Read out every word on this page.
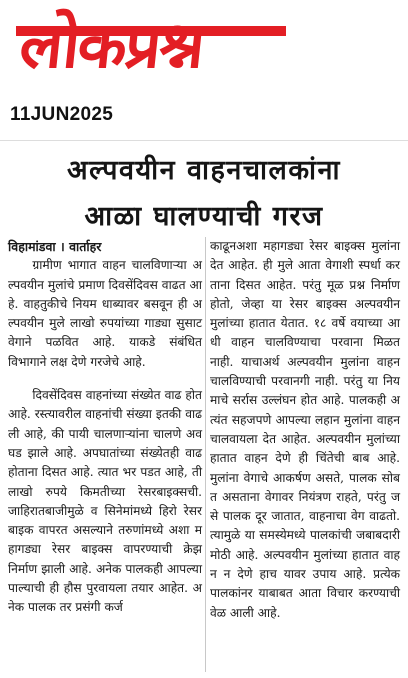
लोकप्रश्न
11JUN2025
अल्पवयीन वाहनचालकांना
आळा घालण्याची गरज
विहामांडवा । वार्ताहर

ग्रामीण भागात वाहन चालविणाऱ्या अल्पवयीन मुलांचे प्रमाण दिवसेंदिवस वाढत आहे. वाहतुकीचे नियम धाब्यावर बसवून ही अल्पवयीन मुले लाखो रुपयांच्या गाड्या सुसाट वेगाने पळवित आहे. याकडे संबंधित विभागाने लक्ष देणे गरजेचे आहे.

दिवसेंदिवस वाहनांच्या संख्येत वाढ होत आहे. रस्त्यावरील वाहनांची संख्या इतकी वाढली आहे, की पायी चालणाऱ्यांना चालणे अवघड झाले आहे. अपघातांच्या संख्येतही वाढ होताना दिसत आहे. त्यात भर पडत आहे, ती लाखो रुपये किमतीच्या रेसरबाइक्सची. जाहिरातबाजीमुळे व सिनेमांमध्ये हिरो रेसर बाइक वापरत असल्याने तरुणांमध्ये अशा महागड्या रेसर बाइक्स वापरण्याची क्रेझ निर्माण झाली आहे. अनेक पालकही आपल्या पाल्याची ही हौस पुरवायला तयार आहेत. अनेक पालक तर प्रसंगी कर्ज

काढूनअशा महागड्या रेसर बाइक्स मुलांना देत आहेत. ही मुले आता वेगाशी स्पर्धा करताना दिसत आहेत. परंतु मूळ प्रश्न निर्माण होतो, जेव्हा या रेसर बाइक्स अल्पवयीन मुलांच्या हातात येतात. १८ वर्षे वयाच्या आधी वाहन चालविण्याचा परवाना मिळत नाही. याचाअर्थ अल्पवयीन मुलांना वाहन चालविण्याची परवानगी नाही. परंतु या नियमाचे सर्रास उल्लंघन होत आहे. पालकही अत्यंत सहजपणे आपल्या लहान मुलांना वाहन चालवायला देत आहेत. अल्पवयीन मुलांच्या हातात वाहन देणे ही चिंतेची बाब आहे. मुलांना वेगाचे आकर्षण असते, पालक सोबत असताना वेगावर नियंत्रण राहते, परंतु जसे पालक दूर जातात, वाहनाचा वेग वाढतो. त्यामुळे या समस्येमध्ये पालकांची जबाबदारी मोठी आहे. अल्पवयीन मुलांच्या हातात वाहन न देणे हाच यावर उपाय आहे. प्रत्येक पालकांनर याबाबत आता विचार करण्याची वेळ आली आहे.
